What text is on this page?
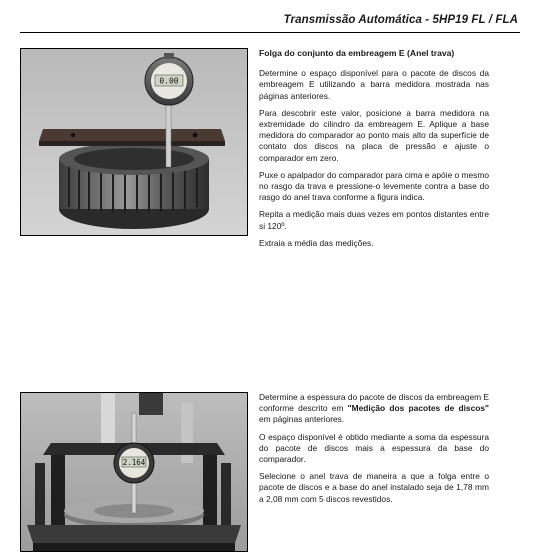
Transmissão Automática - 5HP19 FL / FLA
0.00

Folga do conjunto da embreagem E (Anel trava)

Determine o espaço disponível para o pacote de discos da embreagem E utilizando a barra medidora mostrada nas páginas anteriores.

Para descobrir este valor, posicione a barra medidora na extremidade do cilindro da embreagem E. Aplique a base medidora do comparador ao ponto mais alto da superfície de contato dos discos na placa de pressão e ajuste o comparador em zero.

Puxe o apalpador do comparador para cima e apóie o mesmo no rasgo da trava e pressione-o levemente contra a base do rasgo do anel trava conforme a figura indica.

Repita a medição mais duas vezes em pontos distantes entre si 120º.

Extraia a média das medições.

2.164

Determine a espessura do pacote de discos da embreagem E conforme descrito em "Medição dos pacotes de discos" em páginas anteriores.

O espaço disponível é obtido mediante a soma da espessura do pacote de discos mais a espessura da base do comparador.

Selecione o anel trava de maneira a que a folga entre o pacote de discos e a base do anel instalado seja de 1,78 mm a 2,08 mm com 5 discos revestidos.
